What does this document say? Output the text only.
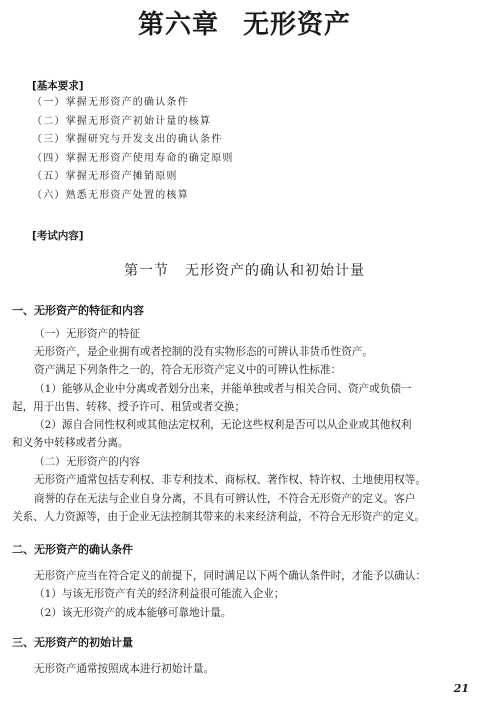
第六章 无形资产
[基本要求]
（一）掌握无形资产的确认条件
（二）掌握无形资产初始计量的核算
（三）掌握研究与开发支出的确认条件
（四）掌握无形资产使用寿命的确定原则
（五）掌握无形资产摊销原则
（六）熟悉无形资产处置的核算
[考试内容]
第一节 无形资产的确认和初始计量
一、无形资产的特征和内容
（一）无形资产的特征
无形资产，是企业拥有或者控制的没有实物形态的可辨认非货币性资产。
资产满足下列条件之一的，符合无形资产定义中的可辨认性标准：
（1）能够从企业中分离或者划分出来，并能单独或者与相关合同、资产或负债一
起，用于出售、转移、授予许可、租赁或者交换；
（2）源自合同性权利或其他法定权利，无论这些权利是否可以从企业或其他权利
和义务中转移或者分离。
（二）无形资产的内容
无形资产通常包括专利权、非专利技术、商标权、著作权、特许权、土地使用权等。
商誉的存在无法与企业自身分离，不具有可辨认性，不符合无形资产的定义。客户
关系、人力资源等，由于企业无法控制其带来的未来经济利益，不符合无形资产的定义。
二、无形资产的确认条件
无形资产应当在符合定义的前提下，同时满足以下两个确认条件时，才能予以确认：
（1）与该无形资产有关的经济利益很可能流入企业；
（2）该无形资产的成本能够可靠地计量。
三、无形资产的初始计量
无形资产通常按照成本进行初始计量。
21
